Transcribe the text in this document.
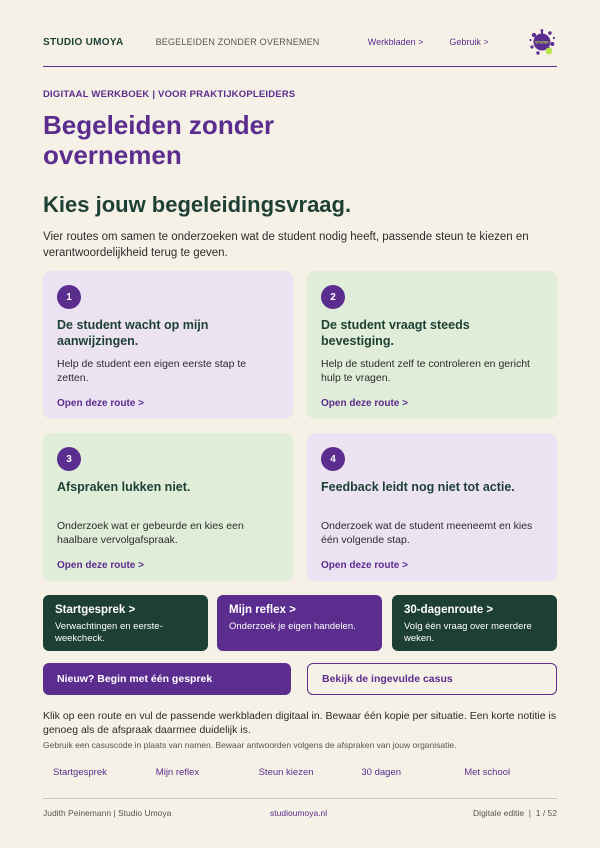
STUDIO UMOYA	BEGELEIDEN ZONDER OVERNEMEN	Werkbladen >	Gebruik >	STUDIO
DIGITAAL WERKBOEK | VOOR PRAKTIJKOPLEIDERS
Begeleiden zonder overnemen
Kies jouw begeleidingsvraag.

Vier routes om samen te onderzoeken wat de student nodig heeft, passende steun te kiezen en verantwoordelijkheid terug te geven.

1
De student wacht op mijn aanwijzingen.
Help de student een eigen eerste stap te zetten.
Open deze route >
2
De student vraagt steeds bevestiging.
Help de student zelf te controleren en gericht hulp te vragen.
Open deze route >
3
Afspraken lukken niet.
Onderzoek wat er gebeurde en kies een haalbare vervolgafspraak.
Open deze route >
4
Feedback leidt nog niet tot actie.
Onderzoek wat de student meeneemt en kies één volgende stap.
Open deze route >
Startgesprek >
Verwachtingen en eerste-weekcheck.
Mijn reflex >
Onderzoek je eigen handelen.
30-dagenroute >
Volg één vraag over meerdere weken.
Nieuw? Begin met één gesprek	Bekijk de ingevulde casus

Klik op een route en vul de passende werkbladen digitaal in. Bewaar één kopie per situatie. Een korte notitie is genoeg als de afspraak daarmee duidelijk is.

Gebruik een casuscode in plaats van namen. Bewaar antwoorden volgens de afspraken van jouw organisatie.

Startgesprek	Mijn reflex	Steun kiezen	30 dagen	Met school
Judith Peinemann | Studio Umoya	studioumoya.nl	Digitale editie  |  1 / 52
